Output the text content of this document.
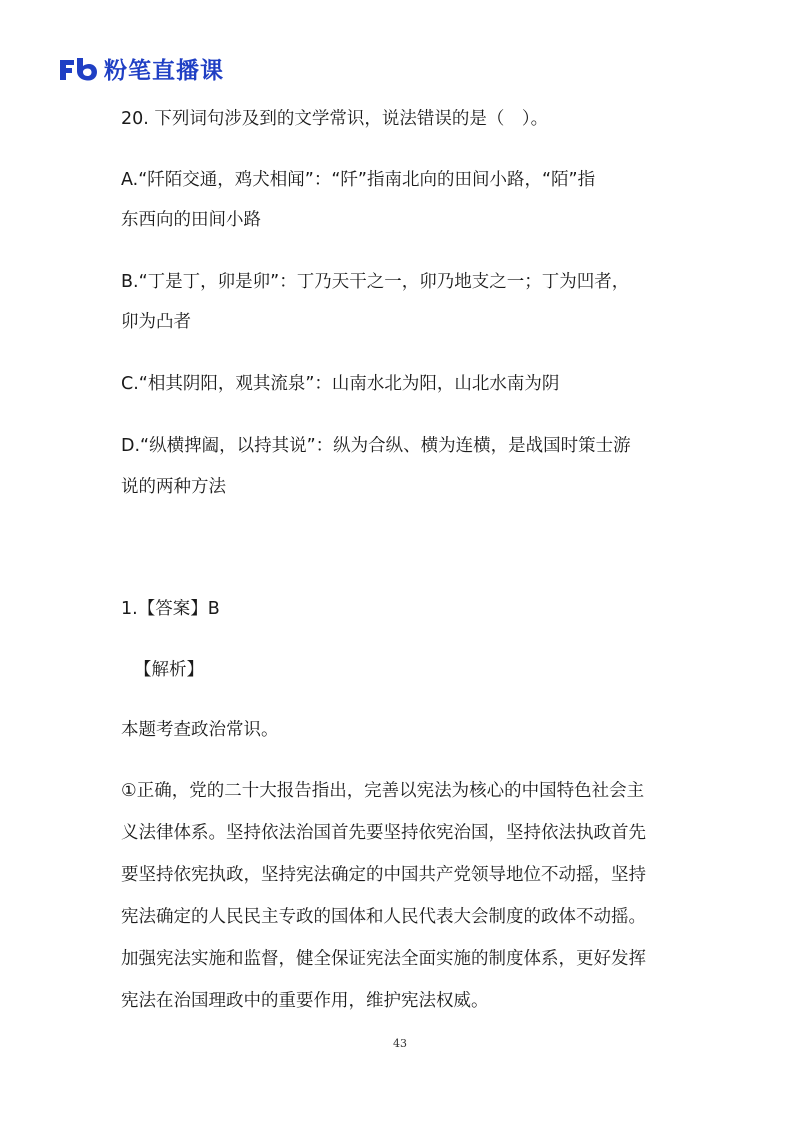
粉笔直播课
20. 下列词句涉及到的文学常识，说法错误的是（　）。
A.“阡陌交通，鸡犬相闻”：“阡”指南北向的田间小路，“陌”指
东西向的田间小路
B.“丁是丁，卯是卯”：丁乃天干之一，卯乃地支之一；丁为凹者，
卯为凸者
C.“相其阴阳，观其流泉”：山南水北为阳，山北水南为阴
D.“纵横捭阖，以持其说”：纵为合纵、横为连横，是战国时策士游
说的两种方法
1.【答案】B
【解析】
本题考查政治常识。
①正确，党的二十大报告指出，完善以宪法为核心的中国特色社会主
义法律体系。坚持依法治国首先要坚持依宪治国，坚持依法执政首先
要坚持依宪执政，坚持宪法确定的中国共产党领导地位不动摇，坚持
宪法确定的人民民主专政的国体和人民代表大会制度的政体不动摇。
加强宪法实施和监督，健全保证宪法全面实施的制度体系，更好发挥
宪法在治国理政中的重要作用，维护宪法权威。
43
